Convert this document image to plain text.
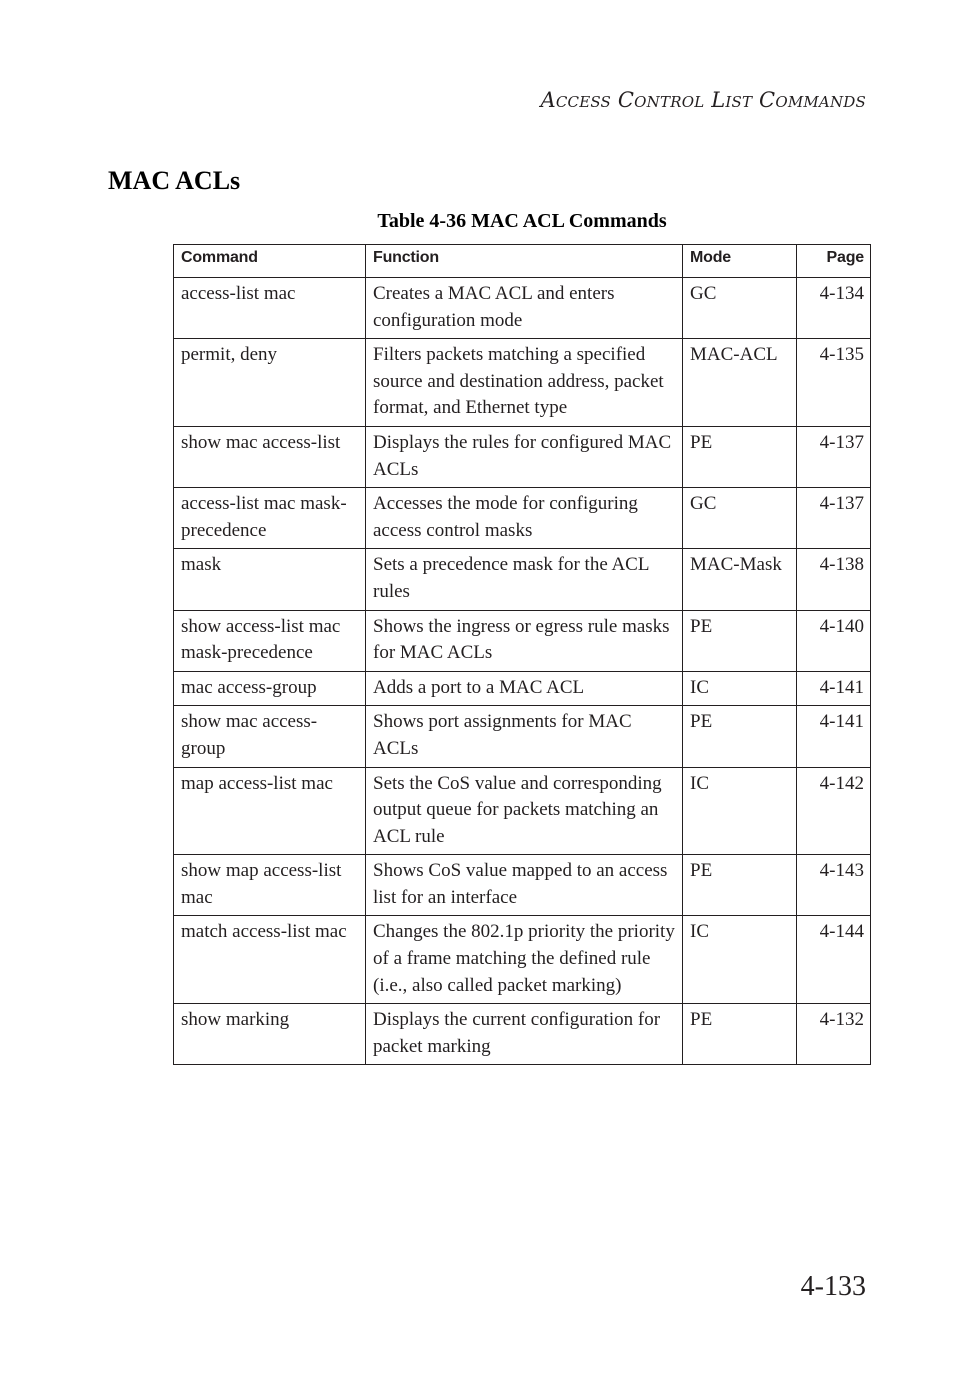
Access Control List Commands
MAC ACLs
Table 4-36 MAC ACL Commands
Command	Function	Mode	Page
access-list mac	Creates a MAC ACL and enters configuration mode	GC	4-134
permit, deny	Filters packets matching a specified source and destination address, packet format, and Ethernet type	MAC-ACL	4-135
show mac access-list	Displays the rules for configured MAC ACLs	PE	4-137
access-list mac mask-precedence	Accesses the mode for configuring access control masks	GC	4-137
mask	Sets a precedence mask for the ACL rules	MAC-Mask	4-138
show access-list mac mask-precedence	Shows the ingress or egress rule masks for MAC ACLs	PE	4-140
mac access-group	Adds a port to a MAC ACL	IC	4-141
show mac access-group	Shows port assignments for MAC ACLs	PE	4-141
map access-list mac	Sets the CoS value and corresponding output queue for packets matching an ACL rule	IC	4-142
show map access-list mac	Shows CoS value mapped to an access list for an interface	PE	4-143
match access-list mac	Changes the 802.1p priority the priority of a frame matching the defined rule (i.e., also called packet marking)	IC	4-144
show marking	Displays the current configuration for packet marking	PE	4-132
4-133
